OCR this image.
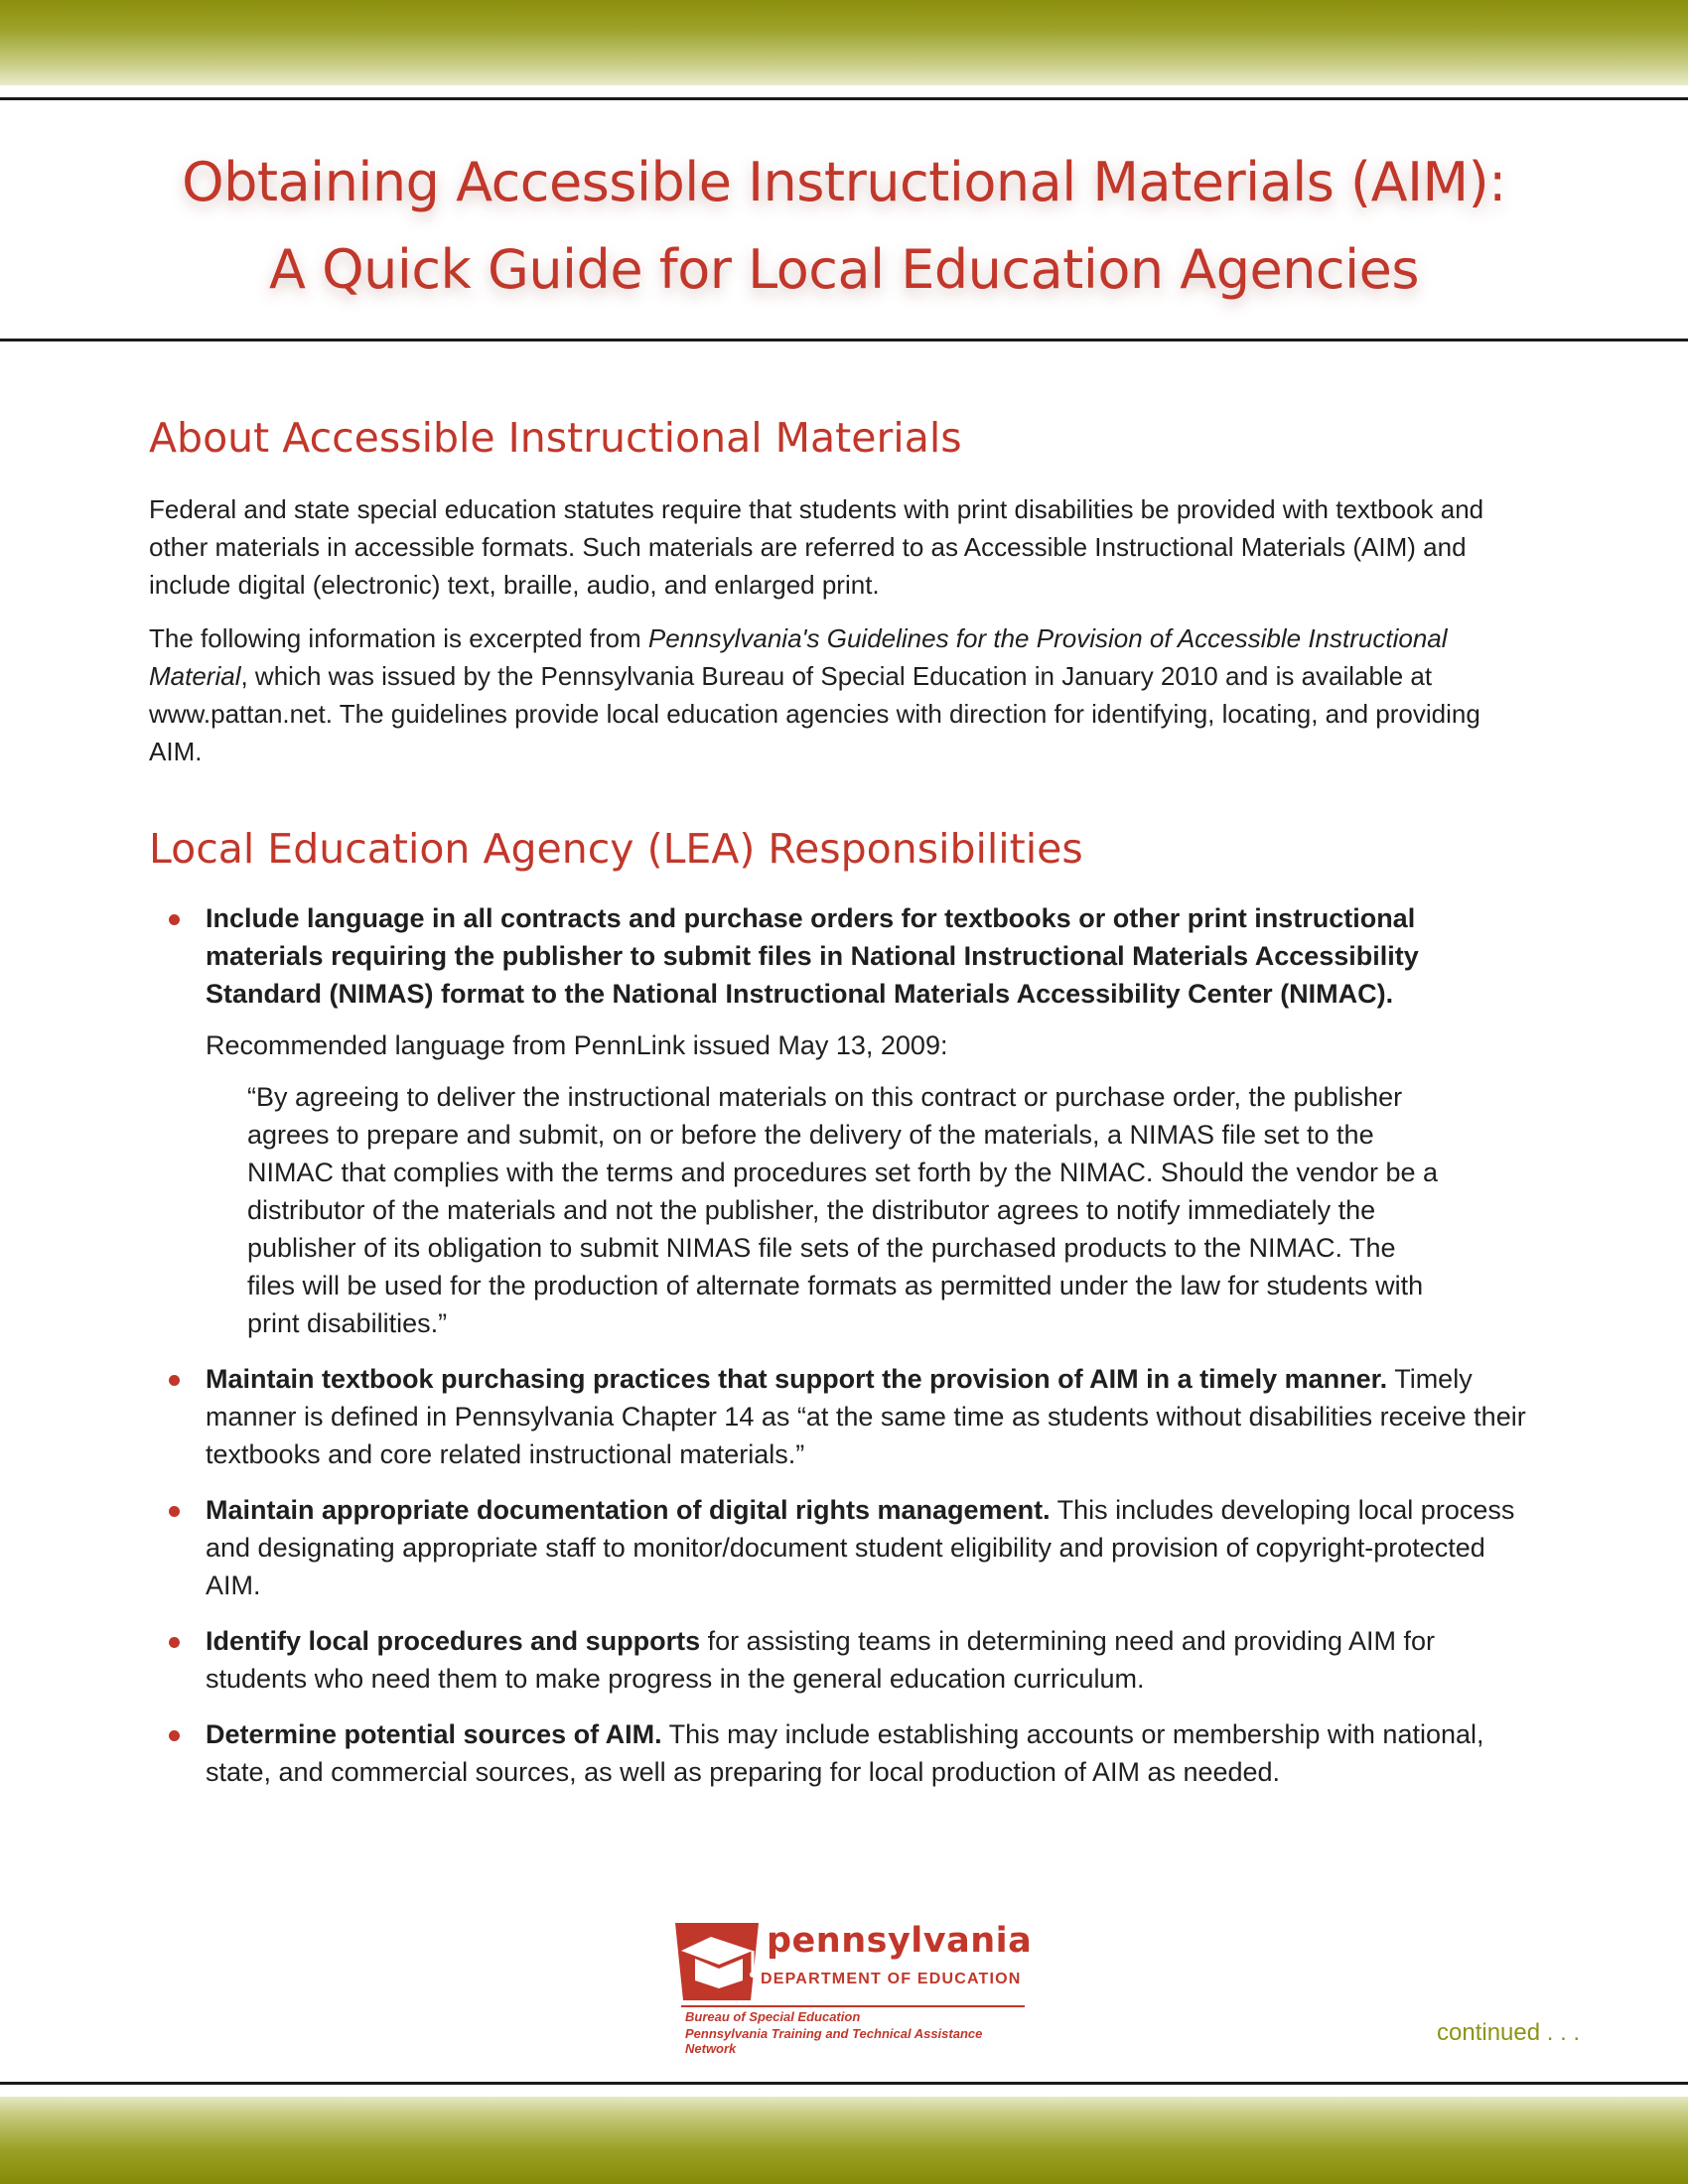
Obtaining Accessible Instructional Materials (AIM):
A Quick Guide for Local Education Agencies
About Accessible Instructional Materials

Federal and state special education statutes require that students with print disabilities be provided with textbook and other materials in accessible formats. Such materials are referred to as Accessible Instructional Materials (AIM) and include digital (electronic) text, braille, audio, and enlarged print.

The following information is excerpted from Pennsylvania's Guidelines for the Provision of Accessible Instructional Material, which was issued by the Pennsylvania Bureau of Special Education in January 2010 and is available at www.pattan.net. The guidelines provide local education agencies with direction for identifying, locating, and providing AIM.

Local Education Agency (LEA) Responsibilities
Include language in all contracts and purchase orders for textbooks or other print instructional materials requiring the publisher to submit files in National Instructional Materials Accessibility Standard (NIMAS) format to the National Instructional Materials Accessibility Center (NIMAC).
Recommended language from PennLink issued May 13, 2009:
“By agreeing to deliver the instructional materials on this contract or purchase order, the publisher agrees to prepare and submit, on or before the delivery of the materials, a NIMAS file set to the NIMAC that complies with the terms and procedures set forth by the NIMAC. Should the vendor be a distributor of the materials and not the publisher, the distributor agrees to notify immediately the publisher of its obligation to submit NIMAS file sets of the purchased products to the NIMAC. The files will be used for the production of alternate formats as permitted under the law for students with print disabilities.”
Maintain textbook purchasing practices that support the provision of AIM in a timely manner. Timely manner is defined in Pennsylvania Chapter 14 as “at the same time as students without disabilities receive their textbooks and core related instructional materials.”
Maintain appropriate documentation of digital rights management. This includes developing local process and designating appropriate staff to monitor/document student eligibility and provision of copyright-protected AIM.
Identify local procedures and supports for assisting teams in determining need and providing AIM for students who need them to make progress in the general education curriculum.
Determine potential sources of AIM. This may include establishing accounts or membership with national, state, and commercial sources, as well as preparing for local production of AIM as needed.
pennsylvania
DEPARTMENT OF EDUCATION
Bureau of Special Education
Pennsylvania Training and Technical Assistance Network
continued . . .
